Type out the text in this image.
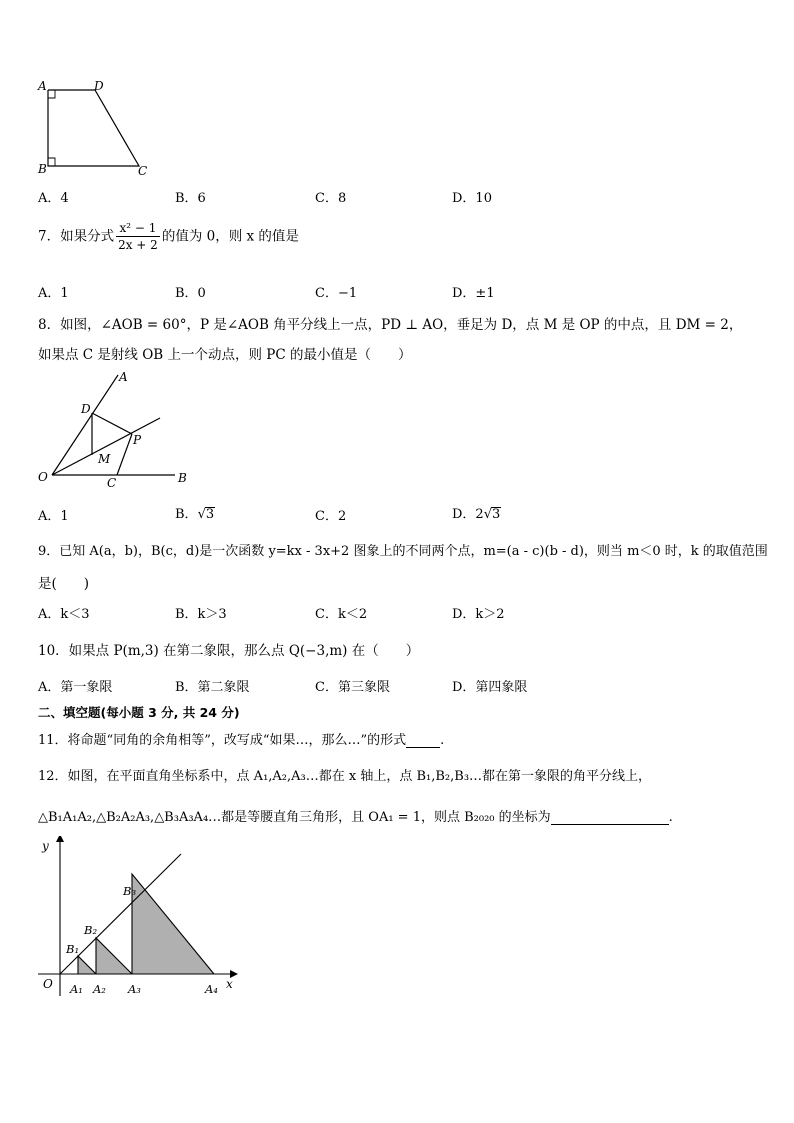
A	D
B	C
A．4	B．6	C．8	D．10
7．如果分式 $\frac{\text{x² − 1}}{2x + 2}$ 的值为 0，则 x 的值是
A．1	B．0	C．−1	D．±1
8．如图，∠AOB = 60°，P 是∠AOB 角平分线上一点，PD ⊥ AO，垂足为 D，点 M 是 OP 的中点，且 DM = 2，
如果点 C 是射线 OB 上一个动点，则 PC 的最小值是（　　）
A
D
P
M
O	C	B
A．1	B．√3	C．2	D．2√3
9．已知 A(a，b)，B(c，d)是一次函数 y=kx - 3x+2 图象上的不同两个点，m=(a - c)(b - d)，则当 m＜0 时，k 的取值范围
是(　　)
A．k＜3	B．k＞3	C．k＜2	D．k＞2
10．如果点 P(m,3) 在第二象限，那么点 Q(−3,m) 在（　　）
A．第一象限	B．第二象限	C．第三象限	D．第四象限
二、填空题(每小题 3 分, 共 24 分)
11．将命题“同角的余角相等”，改写成“如果…，那么…”的形式	.
12．如图，在平面直角坐标系中，点 A₁,A₂,A₃…都在 x 轴上，点 B₁,B₂,B₃…都在第一象限的角平分线上，
△B₁A₁A₂,△B₂A₂A₃,△B₃A₃A₄…都是等腰直角三角形，且 OA₁ = 1，则点 B₂₀₂₀ 的坐标为	.
y
x
O A₁ A₂ A₃	A₄
B₁
B₂
B₃
